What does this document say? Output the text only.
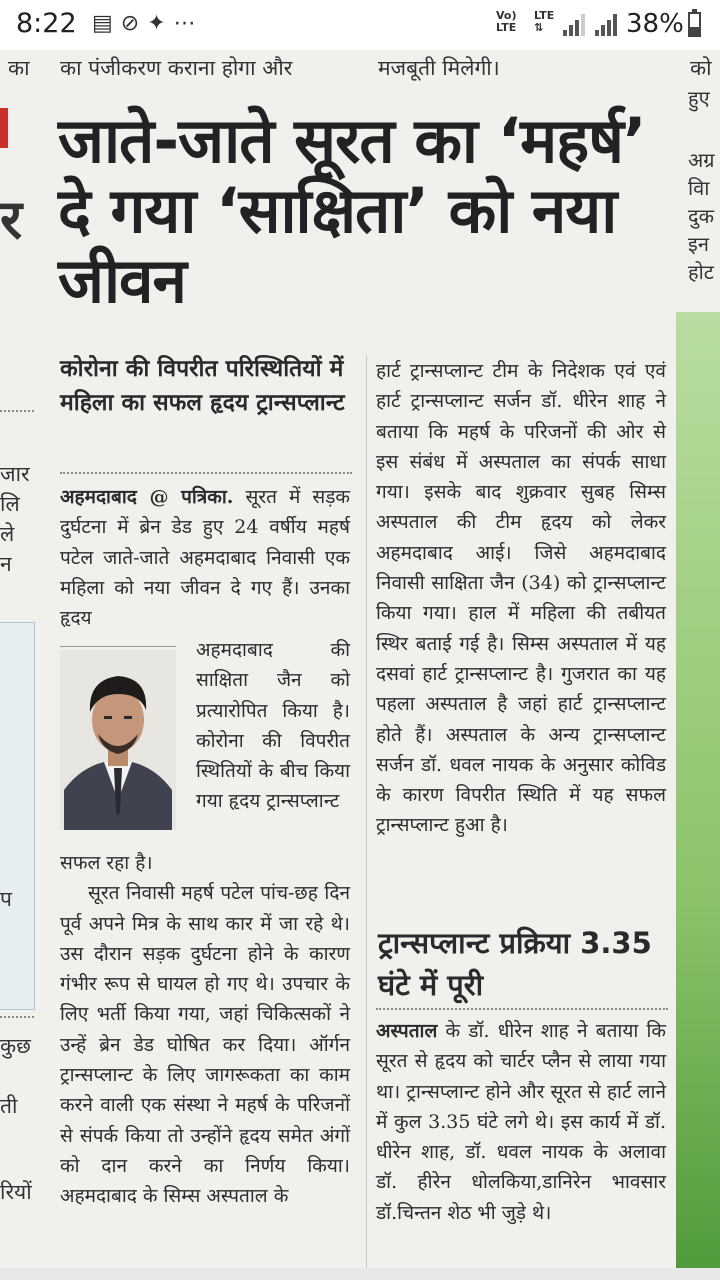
8:22 ▤⊘✦⋯	Vo)
LTE
LTE
⇅	38%
का का पंजीकरण कराना होगा और	मजबूती मिलेगी।	को
र
जार
लि
ले
न
प
कुछ
ती
रियों
हुए
अग्र
विा
दुक
इन
होट
जाते-जाते सूरत का ‘महर्ष’ दे गया ‘साक्षिता’ को नया जीवन
कोरोना की विपरीत परिस्थितियों में महिला का सफल हृदय ट्रान्सप्लान्ट

अहमदाबाद @ पत्रिका. सूरत में सड़क दुर्घटना में ब्रेन डेड हुए 24 वर्षीय महर्ष पटेल जाते-जाते अहमदाबाद निवासी एक महिला को नया जीवन दे गए हैं। उनका हृदय

अहमदाबाद की साक्षिता जैन को प्रत्यारोपित किया है। कोरोना की विपरीत स्थितियों के बीच किया गया हृदय ट्रान्सप्लान्ट

सफल रहा है।

सूरत निवासी महर्ष पटेल पांच-छह दिन पूर्व अपने मित्र के साथ कार में जा रहे थे। उस दौरान सड़क दुर्घटना होने के कारण गंभीर रूप से घायल हो गए थे। उपचार के लिए भर्ती किया गया, जहां चिकित्सकों ने उन्हें ब्रेन डेड घोषित कर दिया। ऑर्गन ट्रान्सप्लान्ट के लिए जागरूकता का काम करने वाली एक संस्था ने महर्ष के परिजनों से संपर्क किया तो उन्होंने हृदय समेत अंगों को दान करने का निर्णय किया। अहमदाबाद के सिम्स अस्पताल के

हार्ट ट्रान्सप्लान्ट टीम के निदेशक एवं एवं हार्ट ट्रान्सप्लान्ट सर्जन डॉ. धीरेन शाह ने बताया कि महर्ष के परिजनों की ओर से इस संबंध में अस्पताल का संपर्क साधा गया। इसके बाद शुक्रवार सुबह सिम्स अस्पताल की टीम हृदय को लेकर अहमदाबाद आई। जिसे अहमदाबाद निवासी साक्षिता जैन (34) को ट्रान्सप्लान्ट किया गया। हाल में महिला की तबीयत स्थिर बताई गई है। सिम्स अस्पताल में यह दसवां हार्ट ट्रान्सप्लान्ट है। गुजरात का यह पहला अस्पताल है जहां हार्ट ट्रान्सप्लान्ट होते हैं। अस्पताल के अन्य ट्रान्सप्लान्ट सर्जन डॉ. धवल नायक के अनुसार कोविड के कारण विपरीत स्थिति में यह सफल ट्रान्सप्लान्ट हुआ है।

ट्रान्सप्लान्ट प्रक्रिया 3.35 घंटे में पूरी

अस्पताल के डॉ. धीरेन शाह ने बताया कि सूरत से हृदय को चार्टर प्लैन से लाया गया था। ट्रान्सप्लान्ट होने और सूरत से हार्ट लाने में कुल 3.35 घंटे लगे थे। इस कार्य में डॉ. धीरेन शाह, डॉ. धवल नायक के अलावा डॉ. हीरेन धोलकिया,डानिरेन भावसार डॉ.चिन्तन शेठ भी जुड़े थे।
